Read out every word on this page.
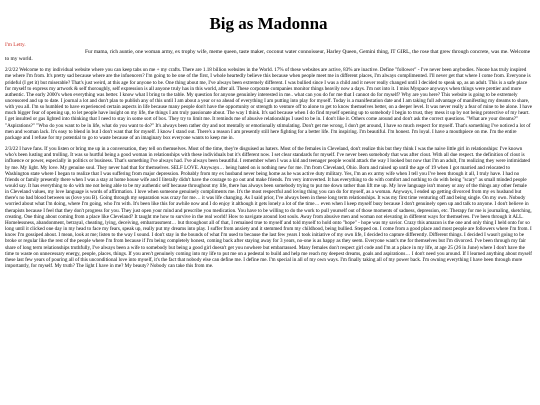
Big as Madonna

I'm Letty.

Fur mama, rich auntie, one woman army, ex trophy wife, meme queen, taste maker, coconut water connoisseur, Harley Queen, Gemini thing, IT GIRL, the rose that grew through concrete, was me. Welcome to my world.

2/2/22 Welcome to my individual website where you can keep tabs on me + my crafts. There are 1.18 billion websites in the World. 17% of these websites are active, 83% are inactive. Define "follower" - I've never been anybodies. Noone has truly inspired me where I'm from. It's pretty sad because where are the infuencers? I'm going to be one of the first, I whole heartedly believe this because when people meet me in different places, I'm always complimented. I'll never get that where I come from. Everyone is prideful (I get it) but miserable? That's just weird, at this age for anyone to be. One thing about me, I've always been extremely different. I was bullied since I was a child and it never really changed until I decided to speak up, as an adult. This is a safe place for myself to express my artwork & self thoroughly, self expression is all anyone truly has in this world, after all. These corporate companies monitor things heavily now a days. I'm not into it. I miss Myspace anyways when things were prettier and more authentic. The early 2000's when everything was better. I know what I bring to the table. My question for anyone genuinley interested in me.. what can you do for me that I cannot do for myself? Why are you here? This website is going to be extremely uncensored and up to date. I journal a lot and don't plan to publish any of this until I am about a year or so ahead of everything I am putting into play for myself. Today is a manifestation date and I am taking full advantage of manifesting my dreams to share, with you all. I'm so humbled to have experienced certain aspects in life because many people don't have the opportunity or strength to venture off to alone to get to know themselves better, on a deeper level. It was never really a fear of mine to be alone. I have much bigger fear of opening up, to let people have insight on my life, the things I am truly passionate about. The way I think. It's sad because when I do find myself opening up to somebody I begin to trust, they mess it up by not being protective of my heart. I get insulted or gas lighted into thinking that I need to stay in some sort of box. They try to limit me. It reminds me of abusive relationships I used to be in. I don't like it. Others come around and don't ask the correct questions. "What are your dreams?" "Aspirations?" "Who do you want to be in life, what do you want to do?" It's always been rather dry and not mentally or emotionally stimulating. Don't get me wrong, I don't get around, I have so much respect for myself. That's something I've noticed a lot of men and woman lack. It's easy to blend in but I don't want that for myself. I know I stand out. There's a reason I am presently still here fighting for a better life. I'm inspiring. I'm beautiful. I'm honest. I'm loyal. I have a mouthpiece on me. I'm the entire package and I refuse for my potential to go to waste because of an imaginary box everyone wants to keep me in.

2/3/22 I have fans. If you listen or bring me up in a conversation, they tell on themselves. Most of the time, they're disguised as haters. Most of the females in Cleveland, don't realize this but they think I was the naive little girl in relationships: I've known who's been lusting and trolling. It was so hurtful being a good woman in relationships with these individuals but it's different now. I set clear standards for myself. I've never been somebody that was after clout. With all due respect. the definition of clout is influence or power, especially in politics or business. That's something I've always had. I've always been beautiful. I remember when I was a kid and teenager people would attack the way I looked but now that I'm an adult, I'm realizing they were intimidated by me. My light. My love. My genuine soul. They never had that for themselves. SELF LOVE. Anyways… being hated on is nothing new for me. I'm from Cleveland, Ohio. Born and raised up until the age of 19 when I got married and relocated to Washington state where I began to realize that I was suffering from major depression. Probably from my ex husband never being home as he was active duty military. Yes, I'm an ex army wife when I tell you I've been through it all, I truly have. I had no friends or family presently there when I was a stay at home house wife and I literally didn't have the courage to go out and make friends. I'm very introverted. It has everything to do with comfort and nothing to do with being "scary" as small minded people would say. It has everything to do with me not being able to be my authentic self because throughout my life, there has always been somebody trying to put me down rather than lift me up. My love language isn't money or any of the things any other female in Cleveland values, my love language is words of affirmation. I love when someone genuinely compliments me. It's the most respectful and loving thing you can do for myself, as a woman. Anyways, I ended up getting divorced from my ex husband but there's no bad blood between us (love you B). Going through my separation was crazy for me… it was life changing. As I said prior, I've always been in these long term relationships. It was my first time venturing off and being single. On my own. Nobody worried about what I'm doing, where I'm going, who I'm with. It's been like this for awhile now and I do enjoy it although it gets lonely a lot of the time… even when I keep myself busy because I don't genuinely open up and talk to anyone. I don't believe in therapists because I feel that they don't progress for you. They just open your mind and prescribe you medication. You have to be willing to do the work to pull yourself out of those moments of sadness, depression, etc. Therapy for me is journaling, sketching, creating. One thing about coming from a place like Cleveland? It taught me how to survive in the real world! How to navigate around lost souls. Away from abusive men and woman not elevating in different ways for themselves. I've been through it ALL. Homelessness, abandonment, betrayal, cheating, lying, deceiving, embarrassment… but throughout all of that, I remained true to myself and told myself to hold onto "hope" - hope was my savior. Crazy this amazon is the one and only thing I held onto for so long until it clicked one day in my head to face my fears, speak up, really put my dreams into play. I suffer from anxiety and it stemmed from my childhood, being bullied. Stepped on. I come from a good place and most people are followers where I'm from. I know I'm gossiped about. I mean, look at me; listen to the way I sound. I don't stay in the bounds of what I'm used to because the last few years I took initiative of my own life, I decided to capture differently. Different things. I decided I wasn't going to be broke or regular like the rest of the people where I'm from because if I'm being completely honest, coming back after staying away for 3 years, no-one is as happy as they seem. Everyone want's me for themselves but I'm divorced. I've been through my fair share of long term relationships truthfully, I've always been a wife to somebody but being a good girl doesn't get you nowhere but embarrassed. Many females don't respect girl code and I'm at a place in my life, at age 25 (26 in June) where I don't have the time to waste on unnecessary energy, people, places, things. If you aren't genuinely coming into my life to put me on a pedestal to build and help me reach my deepest dreams, goals and aspirations… I don't need you around. If I learned anything about myself these last few years of pouring all of this unconditional love into myself, it's the fact that nobody else can define me. I define me. I'm special in all of my own ways. I'm finally taking all of my power back. I'm owning everything I have been through more importantly, for myself. My truth? The light I have in me? My beauty? Nobody can take this from me.
